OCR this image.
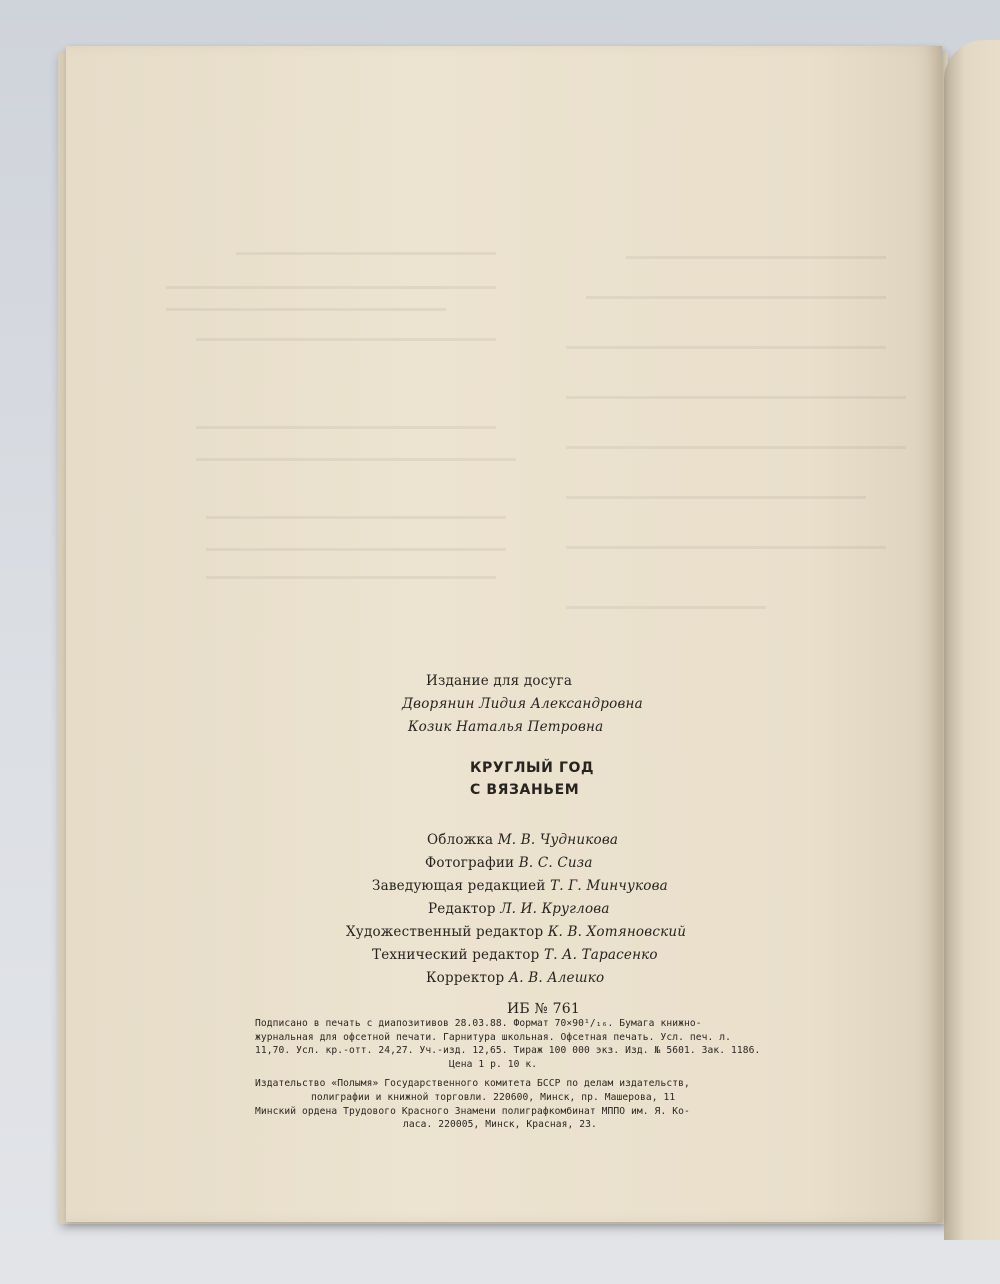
Издание для досуга
Дворянин Лидия Александровна
Козик Наталья Петровна
КРУГЛЫЙ ГОД
С ВЯЗАНЬЕМ
Обложка М. В. Чудникова
Фотографии В. С. Сиза
Заведующая редакцией Т. Г. Минчукова
Редактор Л. И. Круглова
Художественный редактор К. В. Хотяновский
Технический редактор Т. А. Тарасенко
Корректор А. В. Алешко
ИБ № 761
Подписано в печать с диапозитивов 28.03.88. Формат 70×90¹/₁₆. Бумага книжно-
журнальная для офсетной печати. Гарнитура школьная. Офсетная печать. Усл. печ. л.
11,70. Усл. кр.-отт. 24,27. Уч.-изд. 12,65. Тираж 100 000 экз. Изд. № 5601. Зак. 1186.
Цена 1 р. 10 к.
Издательство «Полымя» Государственного комитета БССР по делам издательств,
полиграфии и книжной торговли. 220600, Минск, пр. Машерова, 11
Минский ордена Трудового Красного Знамени полиграфкомбинат МППО им. Я. Ко-
ласа. 220005, Минск, Красная, 23.
